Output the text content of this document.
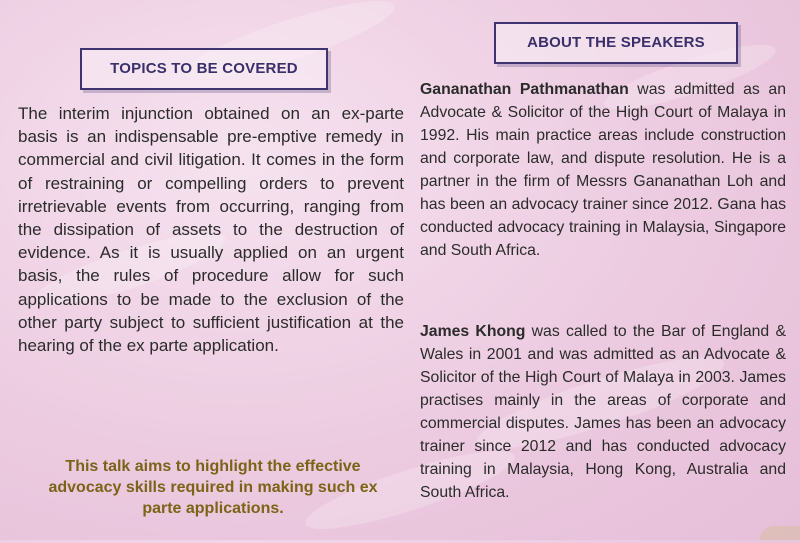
TOPICS TO BE COVERED

The interim injunction obtained on an ex-parte basis is an indispensable pre-emptive remedy in commercial and civil litigation. It comes in the form of restraining or compelling orders to prevent irretrievable events from occurring, ranging from the dissipation of assets to the destruction of evidence. As it is usually applied on an urgent basis, the rules of procedure allow for such applications to be made to the exclusion of the other party subject to sufficient justification at the hearing of the ex parte application.

This talk aims to highlight the effective advocacy skills required in making such ex parte applications.

ABOUT THE SPEAKERS

Gananathan Pathmanathan was admitted as an Advocate & Solicitor of the High Court of Malaya in 1992. His main practice areas include construction and corporate law, and dispute resolution. He is a partner in the firm of Messrs Gananathan Loh and has been an advocacy trainer since 2012. Gana has conducted advocacy training in Malaysia, Singapore and South Africa.

James Khong was called to the Bar of England & Wales in 2001 and was admitted as an Advocate & Solicitor of the High Court of Malaya in 2003. James practises mainly in the areas of corporate and commercial disputes. James has been an advocacy trainer since 2012 and has conducted advocacy training in Malaysia, Hong Kong, Australia and South Africa.
